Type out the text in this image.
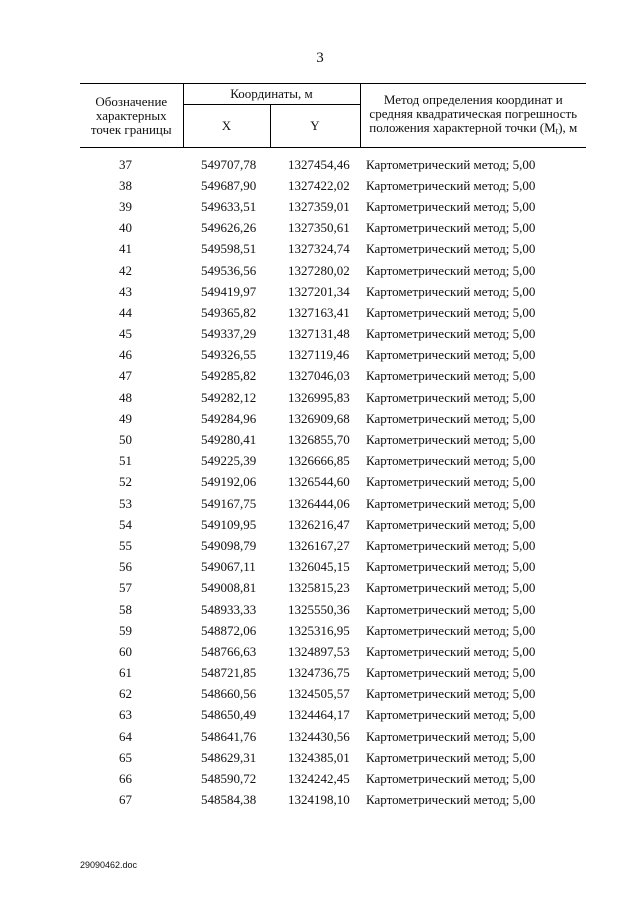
3
Обозначение характерных точек границы	Координаты, м		Метод определения координат и средняя квадратическая погрешность положения характерной точки $(M_t)$, м
	X	Y	
37	549707,78	1327454,46	Картометрический метод; 5,00
38	549687,90	1327422,02	Картометрический метод; 5,00
39	549633,51	1327359,01	Картометрический метод; 5,00
40	549626,26	1327350,61	Картометрический метод; 5,00
41	549598,51	1327324,74	Картометрический метод; 5,00
42	549536,56	1327280,02	Картометрический метод; 5,00
43	549419,97	1327201,34	Картометрический метод; 5,00
44	549365,82	1327163,41	Картометрический метод; 5,00
45	549337,29	1327131,48	Картометрический метод; 5,00
46	549326,55	1327119,46	Картометрический метод; 5,00
47	549285,82	1327046,03	Картометрический метод; 5,00
48	549282,12	1326995,83	Картометрический метод; 5,00
49	549284,96	1326909,68	Картометрический метод; 5,00
50	549280,41	1326855,70	Картометрический метод; 5,00
51	549225,39	1326666,85	Картометрический метод; 5,00
52	549192,06	1326544,60	Картометрический метод; 5,00
53	549167,75	1326444,06	Картометрический метод; 5,00
54	549109,95	1326216,47	Картометрический метод; 5,00
55	549098,79	1326167,27	Картометрический метод; 5,00
56	549067,11	1326045,15	Картометрический метод; 5,00
57	549008,81	1325815,23	Картометрический метод; 5,00
58	548933,33	1325550,36	Картометрический метод; 5,00
59	548872,06	1325316,95	Картометрический метод; 5,00
60	548766,63	1324897,53	Картометрический метод; 5,00
61	548721,85	1324736,75	Картометрический метод; 5,00
62	548660,56	1324505,57	Картометрический метод; 5,00
63	548650,49	1324464,17	Картометрический метод; 5,00
64	548641,76	1324430,56	Картометрический метод; 5,00
65	548629,31	1324385,01	Картометрический метод; 5,00
66	548590,72	1324242,45	Картометрический метод; 5,00
67	548584,38	1324198,10	Картометрический метод; 5,00
29090462.doc
